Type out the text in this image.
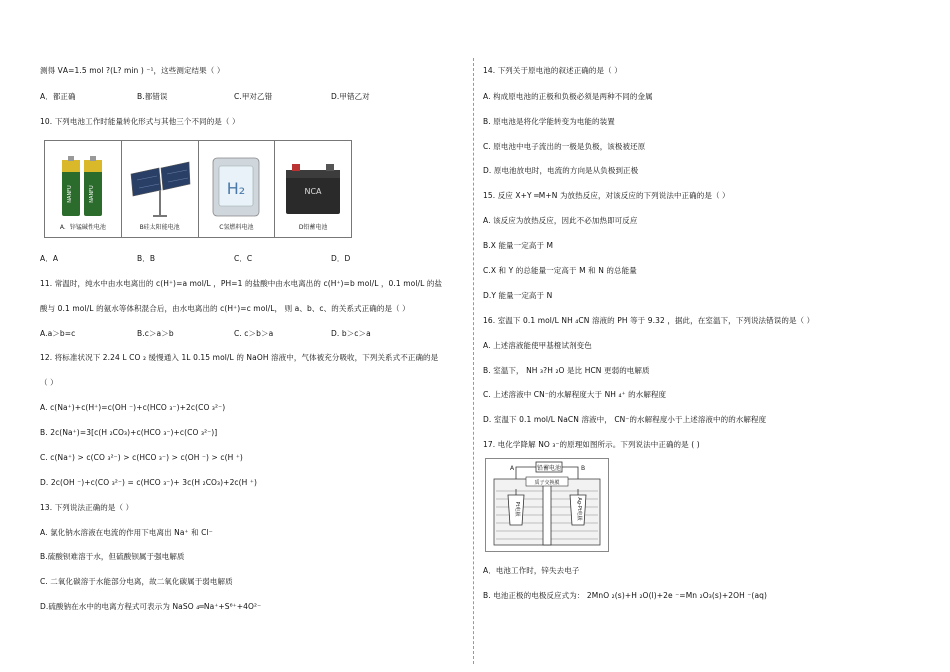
测得 VΑ=1.5 mol ?(L? min ) ⁻¹，这些测定结果（ ）
A．都正确	B.都错误	C.甲对乙错	D.甲错乙对
10. 下列电池工作时能量转化形式与其他三个不同的是（ ）
NANFU	NANFU
A．锌锰碱性电池	B硅太阳能电池
H₂
C氢燃料电池
NCA
D铅蓄电池
A．A	B．B	C．C	D．D
11. 常温时，纯水中由水电离出的 c(H⁺)=a mol/L ，PH=1 的盐酸中由水电离出的 c(H⁺)=b mol/L ，0.1 mol/L 的盐
酸与 0.1 mol/L 的氨水等体积混合后，由水电离出的 c(H⁺)=c mol/L， 则 a、b、c、的关系式正确的是（ ）
A.a＞b=c	B.c＞a＞b	C. c＞b＞a	D. b＞c＞a
12. 将标准状况下 2.24 L CO ₂ 缓慢通入 1L 0.15 mol/L 的 NaOH 溶液中，气体被充分吸收，下列关系式不正确的是
（ ）
A. c(Na⁺)+c(H⁺)=c(OH ⁻)+c(HCO ₃⁻)+2c(CO ₃²⁻)
B. 2c(Na⁺)=3[c(H ₂CO₃)+c(HCO ₃⁻)+c(CO ₃²⁻)]
C. c(Na⁺) > c(CO ₃²⁻) > c(HCO ₃⁻) > c(OH ⁻) > c(H ⁺)
D. 2c(OH ⁻)+c(CO ₃²⁻) = c(HCO ₃⁻)+ 3c(H ₂CO₃)+2c(H ⁺)
13. 下列说法正确的是（ ）
A. 氯化钠水溶液在电流的作用下电离出 Na⁺ 和 Cl⁻
B.硫酸钡难溶于水，但硫酸钡属于强电解质
C. 二氧化碳溶于水能部分电离，故二氧化碳属于弱电解质
D.硫酸钠在水中的电离方程式可表示为 NaSO ₄═Na⁺+S⁶⁺+4O²⁻
14. 下列关于原电池的叙述正确的是（ ）
A. 构成原电池的正极和负极必须是两种不同的金属
B. 原电池是将化学能转变为电能的装置
C. 原电池中电子流出的一极是负极，该极被还原
D. 原电池放电时，电流的方向是从负极到正极
15. 反应 X+Y ═M+N 为放热反应，对该反应的下列说法中正确的是（ ）
A. 该反应为放热反应，因此不必加热即可反应
B.X 能量一定高于 M
C.X 和 Y 的总能量一定高于 M 和 N 的总能量
D.Y 能量一定高于 N
16. 室温下 0.1 mol/L NH ₄CN 溶液的 PH 等于 9.32 ，据此，在室温下，下列说法错误的是（ ）
A. 上述溶液能使甲基橙试剂变色
B. 室温下， NH ₃?H ₂O 是比 HCN 更弱的电解质
C. 上述溶液中 CN⁻的水解程度大于 NH ₄⁺ 的水解程度
D. 室温下 0.1 mol/L NaCN 溶液中， CN⁻的水解程度小于上述溶液中的的水解程度
17. 电化学降解 NO ₃⁻的原理如图所示。下列说法中正确的是 ( )
铅蓄电池
A	B
质子交换膜
Pt电极	Ag-Pt电极
A．电池工作时，锌失去电子
B. 电池正极的电极反应式为： 2MnO ₂(s)+H ₂O(l)+2e ⁻=Mn ₂O₃(s)+2OH ⁻(aq)
